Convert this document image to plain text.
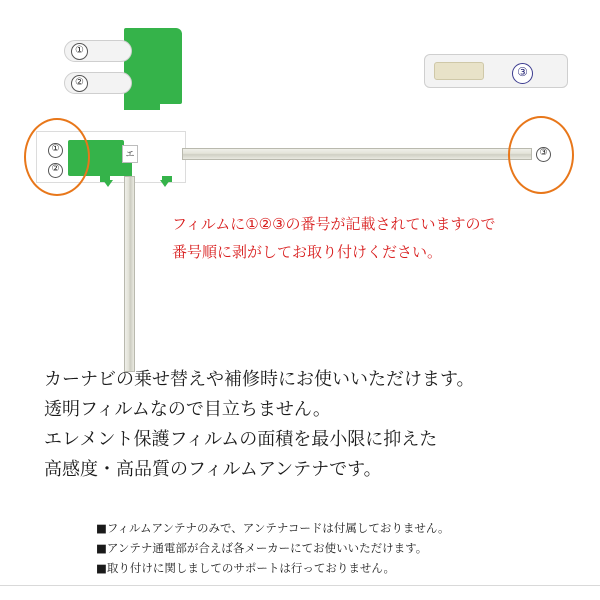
①
②
③
エ
①
②
③
フィルムに①②③の番号が記載されていますので
番号順に剥がしてお取り付けください。
カーナビの乗せ替えや補修時にお使いいただけます。
透明フィルムなので目立ちません。
エレメント保護フィルムの面積を最小限に抑えた
高感度・高品質のフィルムアンテナです。
■フィルムアンテナのみで、アンテナコードは付属しておりません。
■アンテナ通電部が合えば各メーカーにてお使いいただけます。
■取り付けに関しましてのサポートは行っておりません。
